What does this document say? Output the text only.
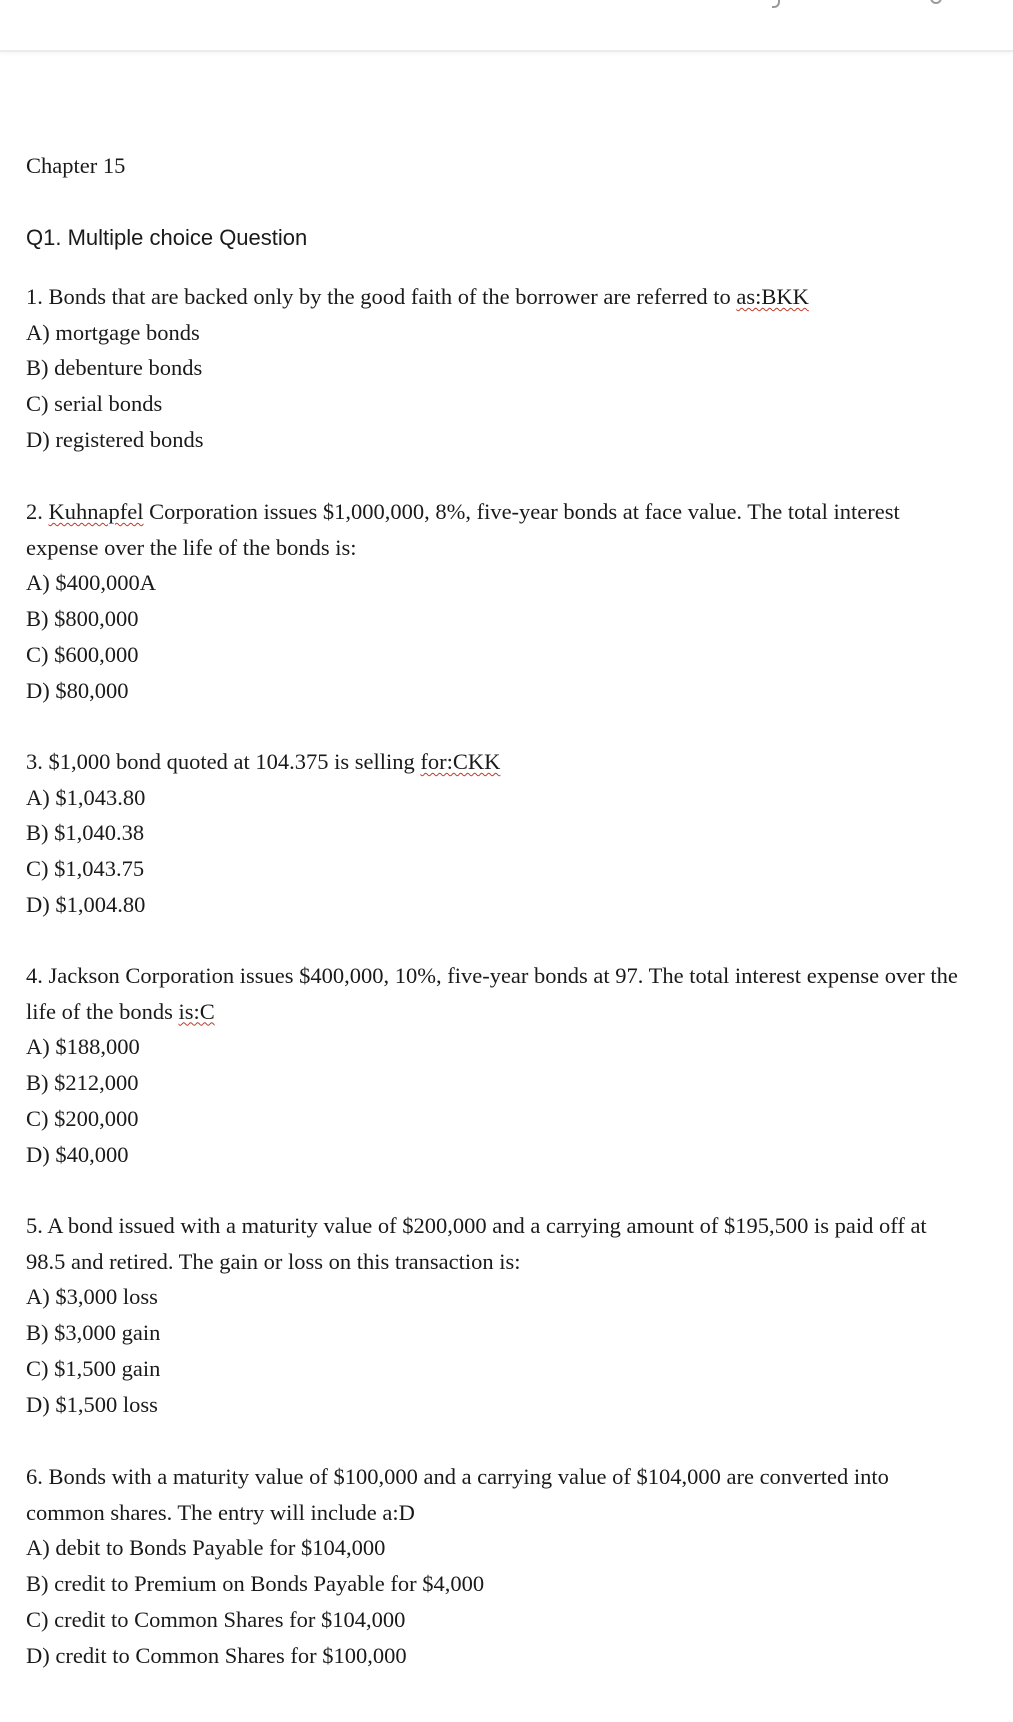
Chapter 15
Q1. Multiple choice Question

1. Bonds that are backed only by the good faith of the borrower are referred to as:BKK

A) mortgage bonds

B) debenture bonds

C) serial bonds

D) registered bonds

2. Kuhnapfel Corporation issues $1,000,000, 8%, five-year bonds at face value. The total interest expense over the life of the bonds is:

A) $400,000A

B) $800,000

C) $600,000

D) $80,000

3. $1,000 bond quoted at 104.375 is selling for:CKK

A) $1,043.80

B) $1,040.38

C) $1,043.75

D) $1,004.80

4. Jackson Corporation issues $400,000, 10%, five-year bonds at 97. The total interest expense over the life of the bonds is:C

A) $188,000

B) $212,000

C) $200,000

D) $40,000

5. A bond issued with a maturity value of $200,000 and a carrying amount of $195,500 is paid off at 98.5 and retired. The gain or loss on this transaction is:

A) $3,000 loss

B) $3,000 gain

C) $1,500 gain

D) $1,500 loss

6. Bonds with a maturity value of $100,000 and a carrying value of $104,000 are converted into common shares. The entry will include a:D

A) debit to Bonds Payable for $104,000

B) credit to Premium on Bonds Payable for $4,000

C) credit to Common Shares for $104,000

D) credit to Common Shares for $100,000
